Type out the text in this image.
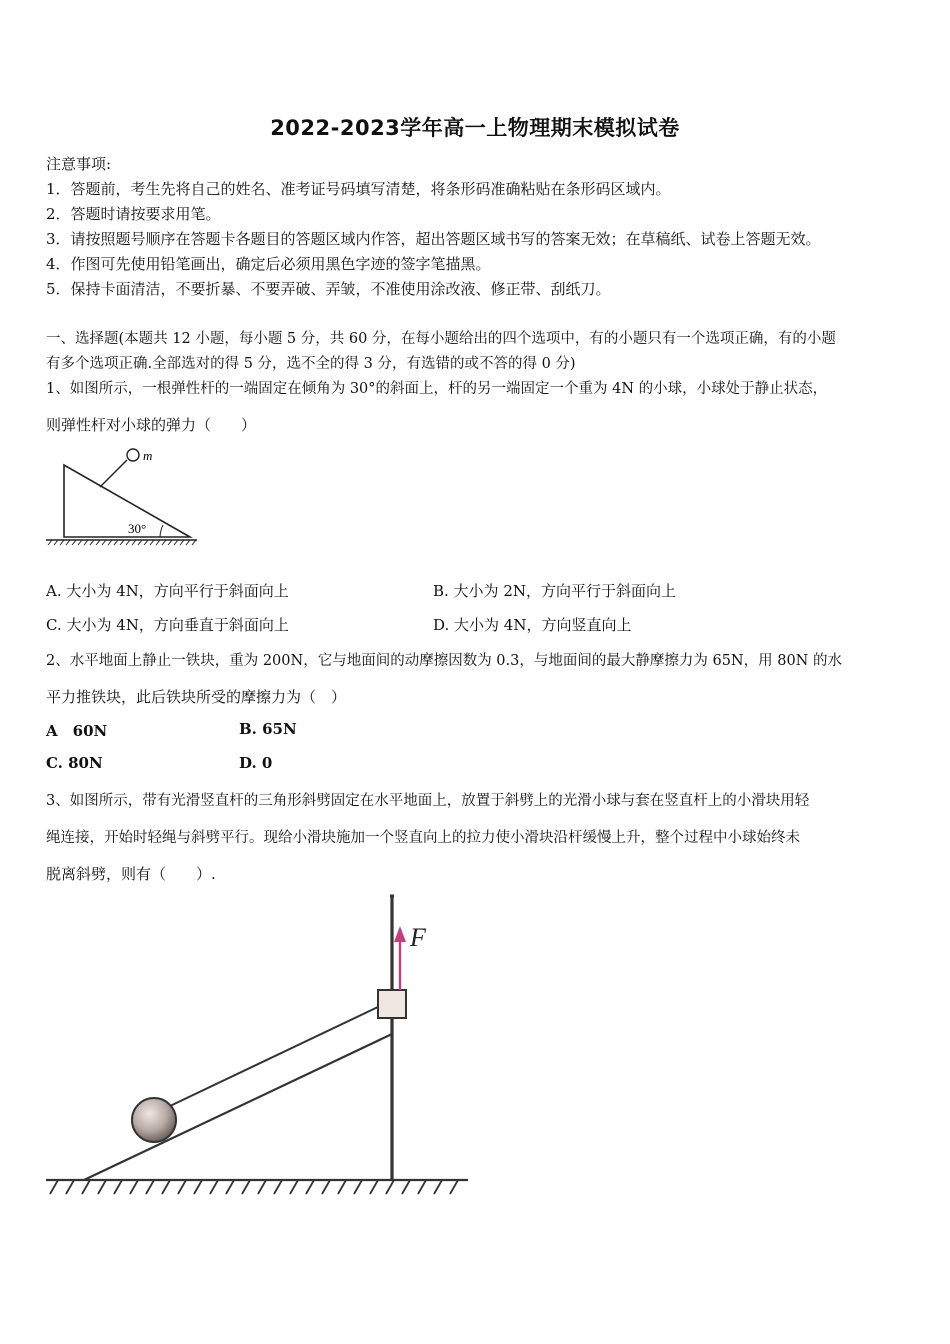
2022-2023学年高一上物理期末模拟试卷
注意事项:
1．答题前，考生先将自己的姓名、准考证号码填写清楚，将条形码准确粘贴在条形码区域内。
2．答题时请按要求用笔。
3．请按照题号顺序在答题卡各题目的答题区域内作答，超出答题区域书写的答案无效；在草稿纸、试卷上答题无效。
4．作图可先使用铅笔画出，确定后必须用黑色字迹的签字笔描黑。
5．保持卡面清洁，不要折暴、不要弄破、弄皱，不准使用涂改液、修正带、刮纸刀。
一、选择题(本题共 12 小题，每小题 5 分，共 60 分，在每小题给出的四个选项中，有的小题只有一个选项正确，有的小题
有多个选项正确.全部选对的得 5 分，选不全的得 3 分，有选错的或不答的得 0 分)
1、如图所示，一根弹性杆的一端固定在倾角为 30°的斜面上，杆的另一端固定一个重为 4N 的小球，小球处于静止状态，
则弹性杆对小球的弹力（　　）
m
30°
A. 大小为 4N，方向平行于斜面向上	B. 大小为 2N，方向平行于斜面向上
C. 大小为 4N，方向垂直于斜面向上	D. 大小为 4N，方向竖直向上
2、水平地面上静止一铁块，重为 200N，它与地面间的动摩擦因数为 0.3，与地面间的最大静摩擦力为 65N，用 80N 的水
平力推铁块，此后铁块所受的摩擦力为（　）
A　60N	B. 65N
C. 80N	D. 0
3、如图所示，带有光滑竖直杆的三角形斜劈固定在水平地面上，放置于斜劈上的光滑小球与套在竖直杆上的小滑块用轻
绳连接，开始时轻绳与斜劈平行。现给小滑块施加一个竖直向上的拉力使小滑块沿杆缓慢上升，整个过程中小球始终未
脱离斜劈，则有（　　）.
F
